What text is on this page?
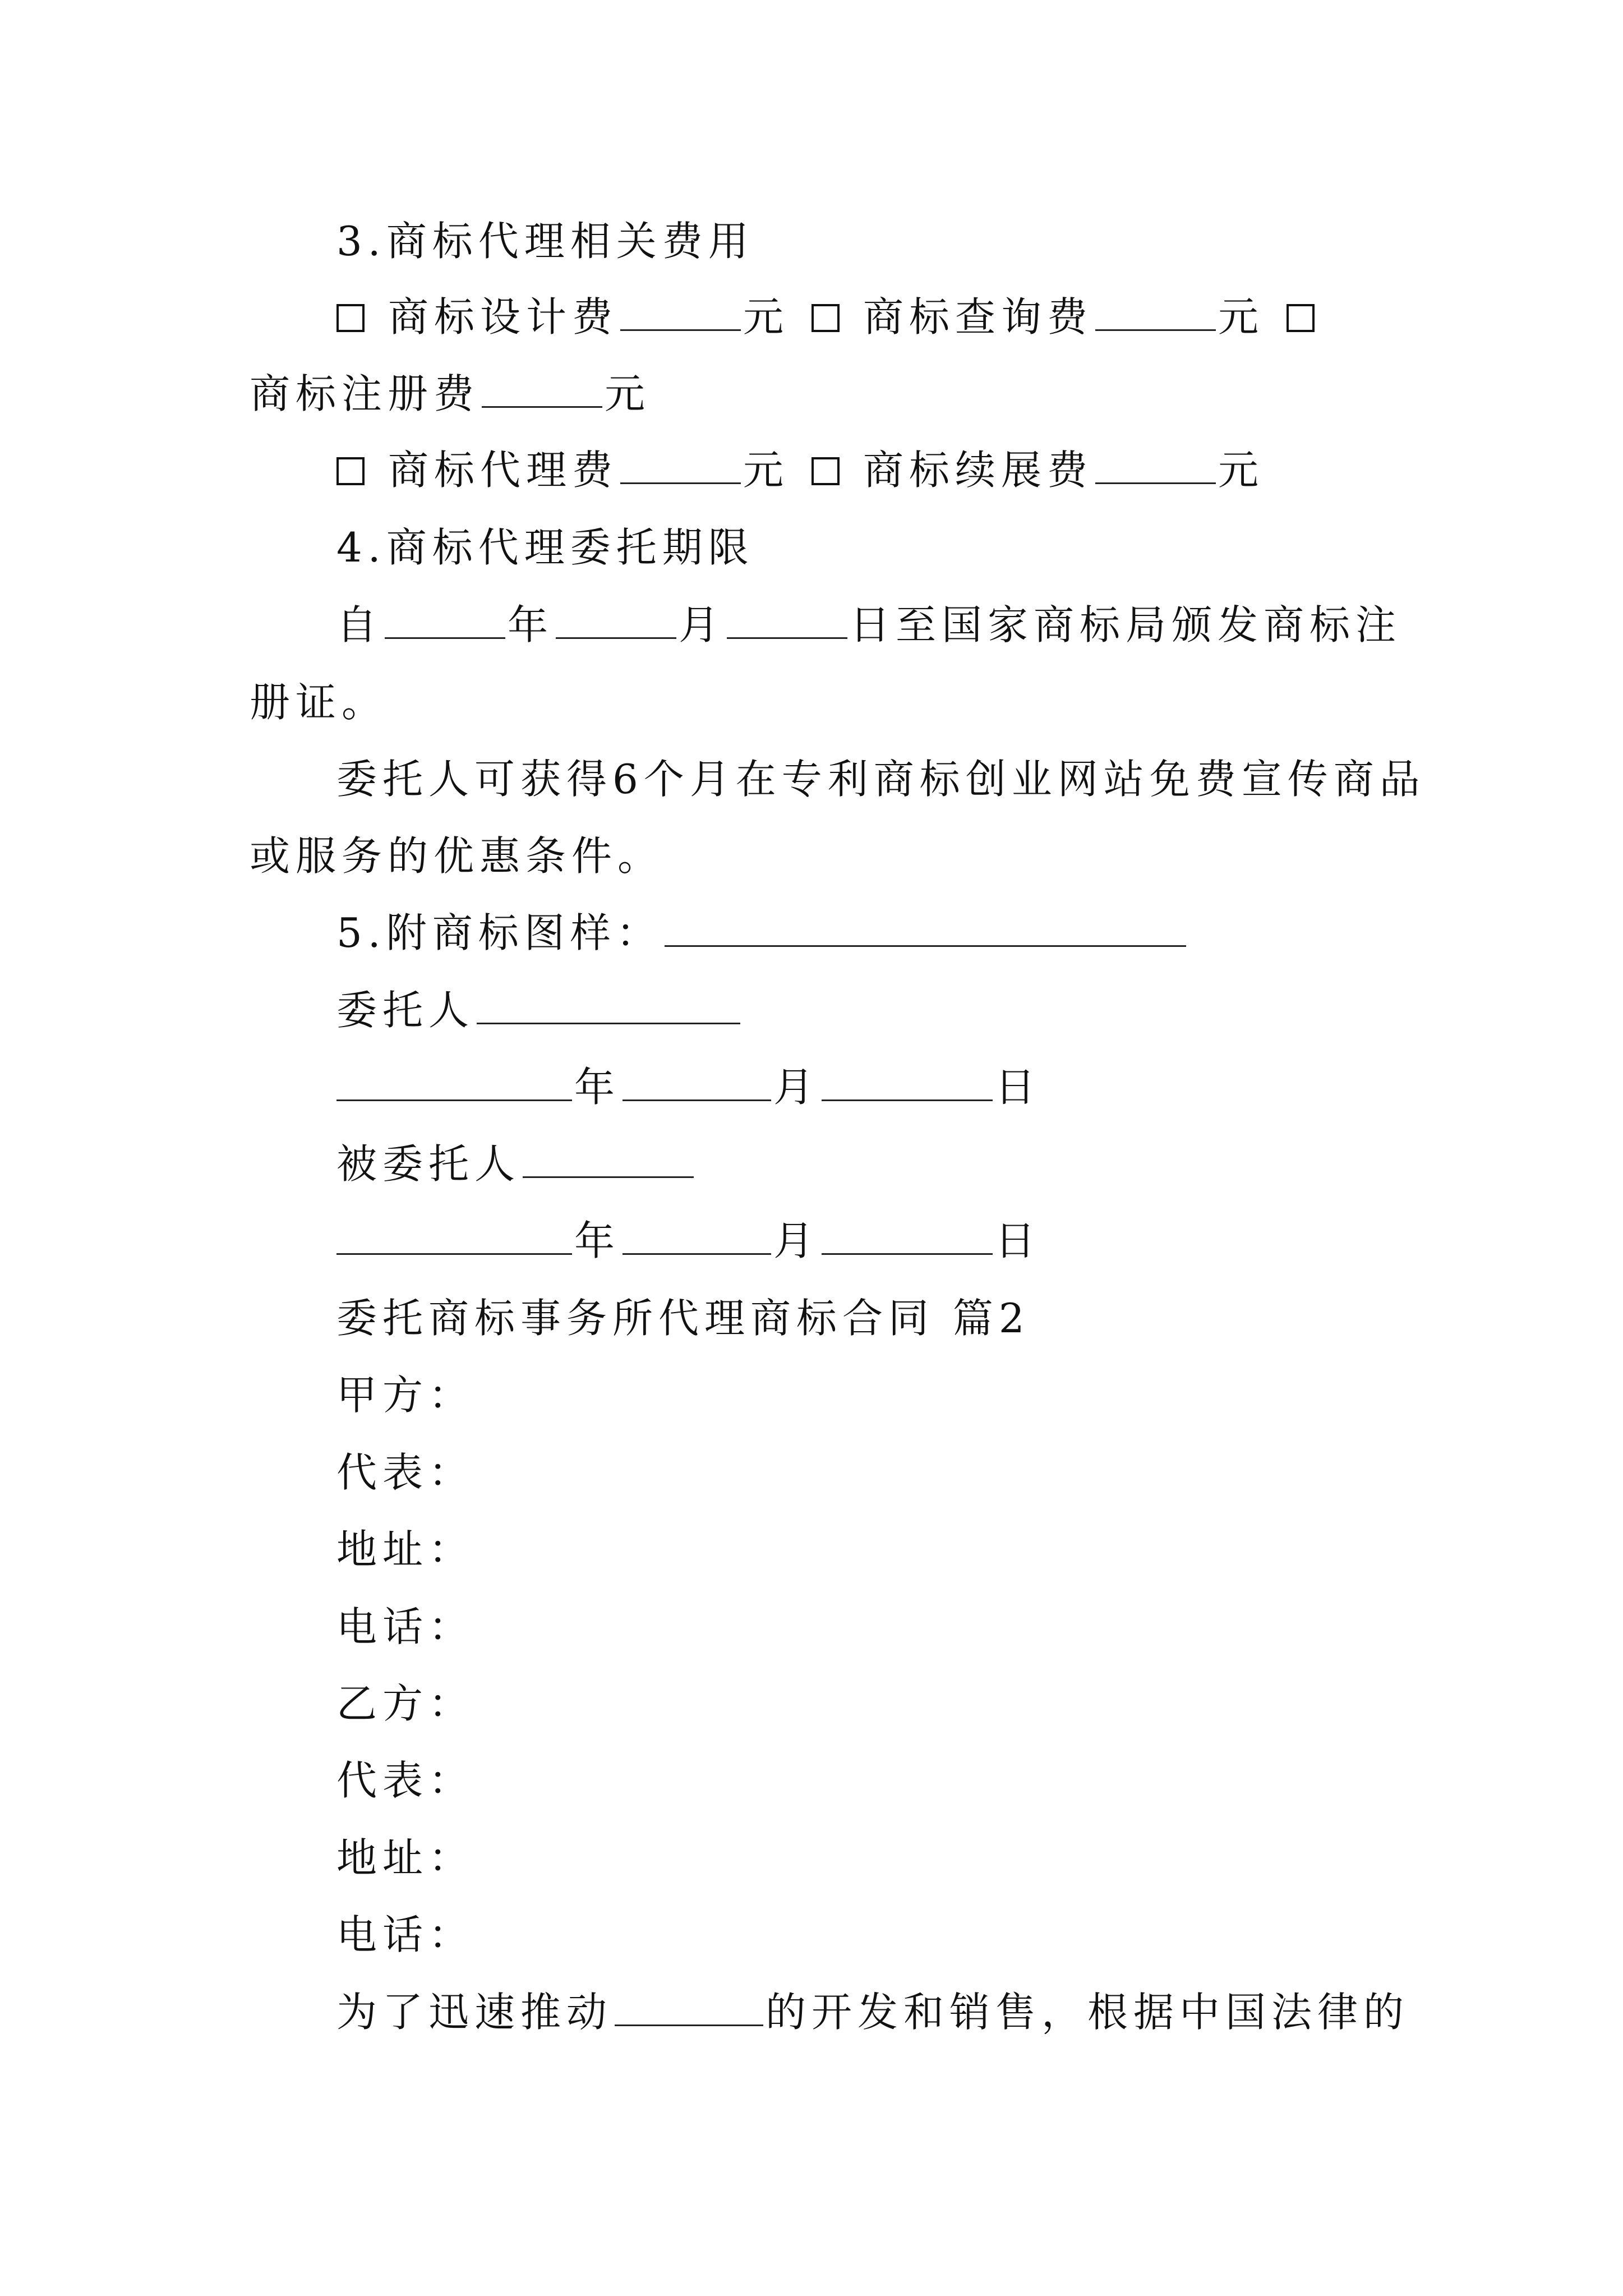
3.商标代理相关费用
商标设计费	元 商标查询费	元
商标注册费	元
商标代理费	元 商标续展费	元
4.商标代理委托期限
自	年	月	日至国家商标局颁发商标注
册证。
委托人可获得6个月在专利商标创业网站免费宣传商品
或服务的优惠条件。
5.附商标图样：
委托人
年	月	日
被委托人
年	月	日
委托商标事务所代理商标合同 篇2
甲方：
代表：
地址：
电话：
乙方：
代表：
地址：
电话：
为了迅速推动	的开发和销售，根据中国法律的
